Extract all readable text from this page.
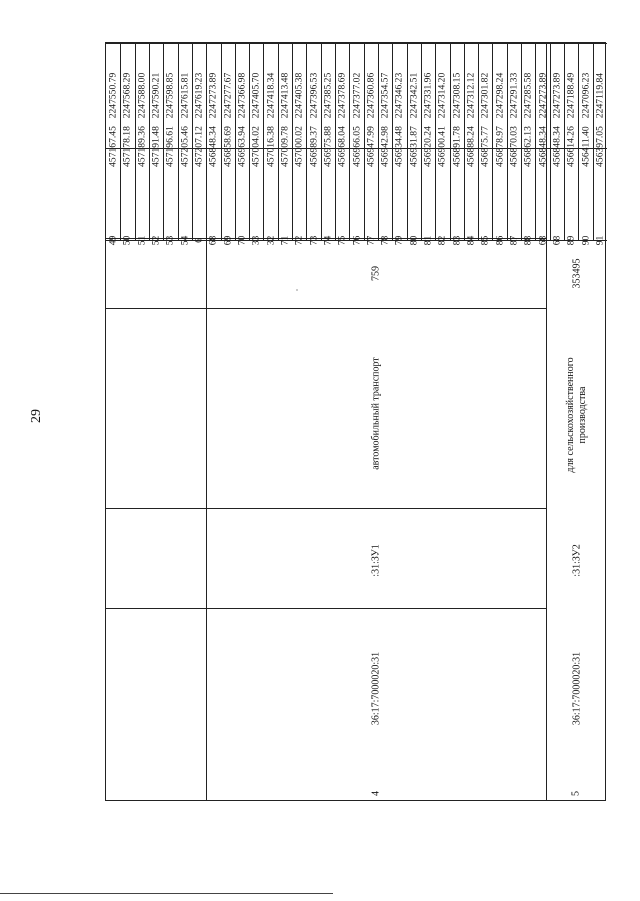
29
4
36:17:7000020:31
:31:ЗУ1
автомобильный транспорт
759
5
36:17:7000020:31
:31:ЗУ2
для сельскохозяйственного
производства
353495
49
457167.45
2247550.79
50
457178.18
2247568.29
51
457189.36
2247588.00
52
457191.48
2247590.21
53
457196.61
2247598.85
54
457205.46
2247615.81
6
457207.12
2247619.23
68
456848.34
2247273.89
69
456858.69
2247277.67
70
456963.94
2247366.98
33
457004.02
2247405.70
32
457016.38
2247418.34
71
457009.78
2247413.48
72
457000.02
2247405.38
73
456989.37
2247396.53
74
456975.88
2247385.25
75
456968.04
2247378.69
76
456966.05
2247377.02
77
456947.99
2247360.86
78
456942.98
2247354.57
79
456934.48
2247346.23
80
456931.87
2247342.51
81
456920.24
2247331.96
82
456900.41
2247314.20
83
456891.78
2247308.15
84
456888.24
2247312.12
85
456875.77
2247301.82
86
456878.97
2247298.24
87
456870.03
2247291.33
88
456862.13
2247285.58
68
456848.34
2247273.89
68
456848.34
2247273.89
89
456614.26
2247188.49
90
456411.40
2247096.23
91
456397.05
2247119.84
